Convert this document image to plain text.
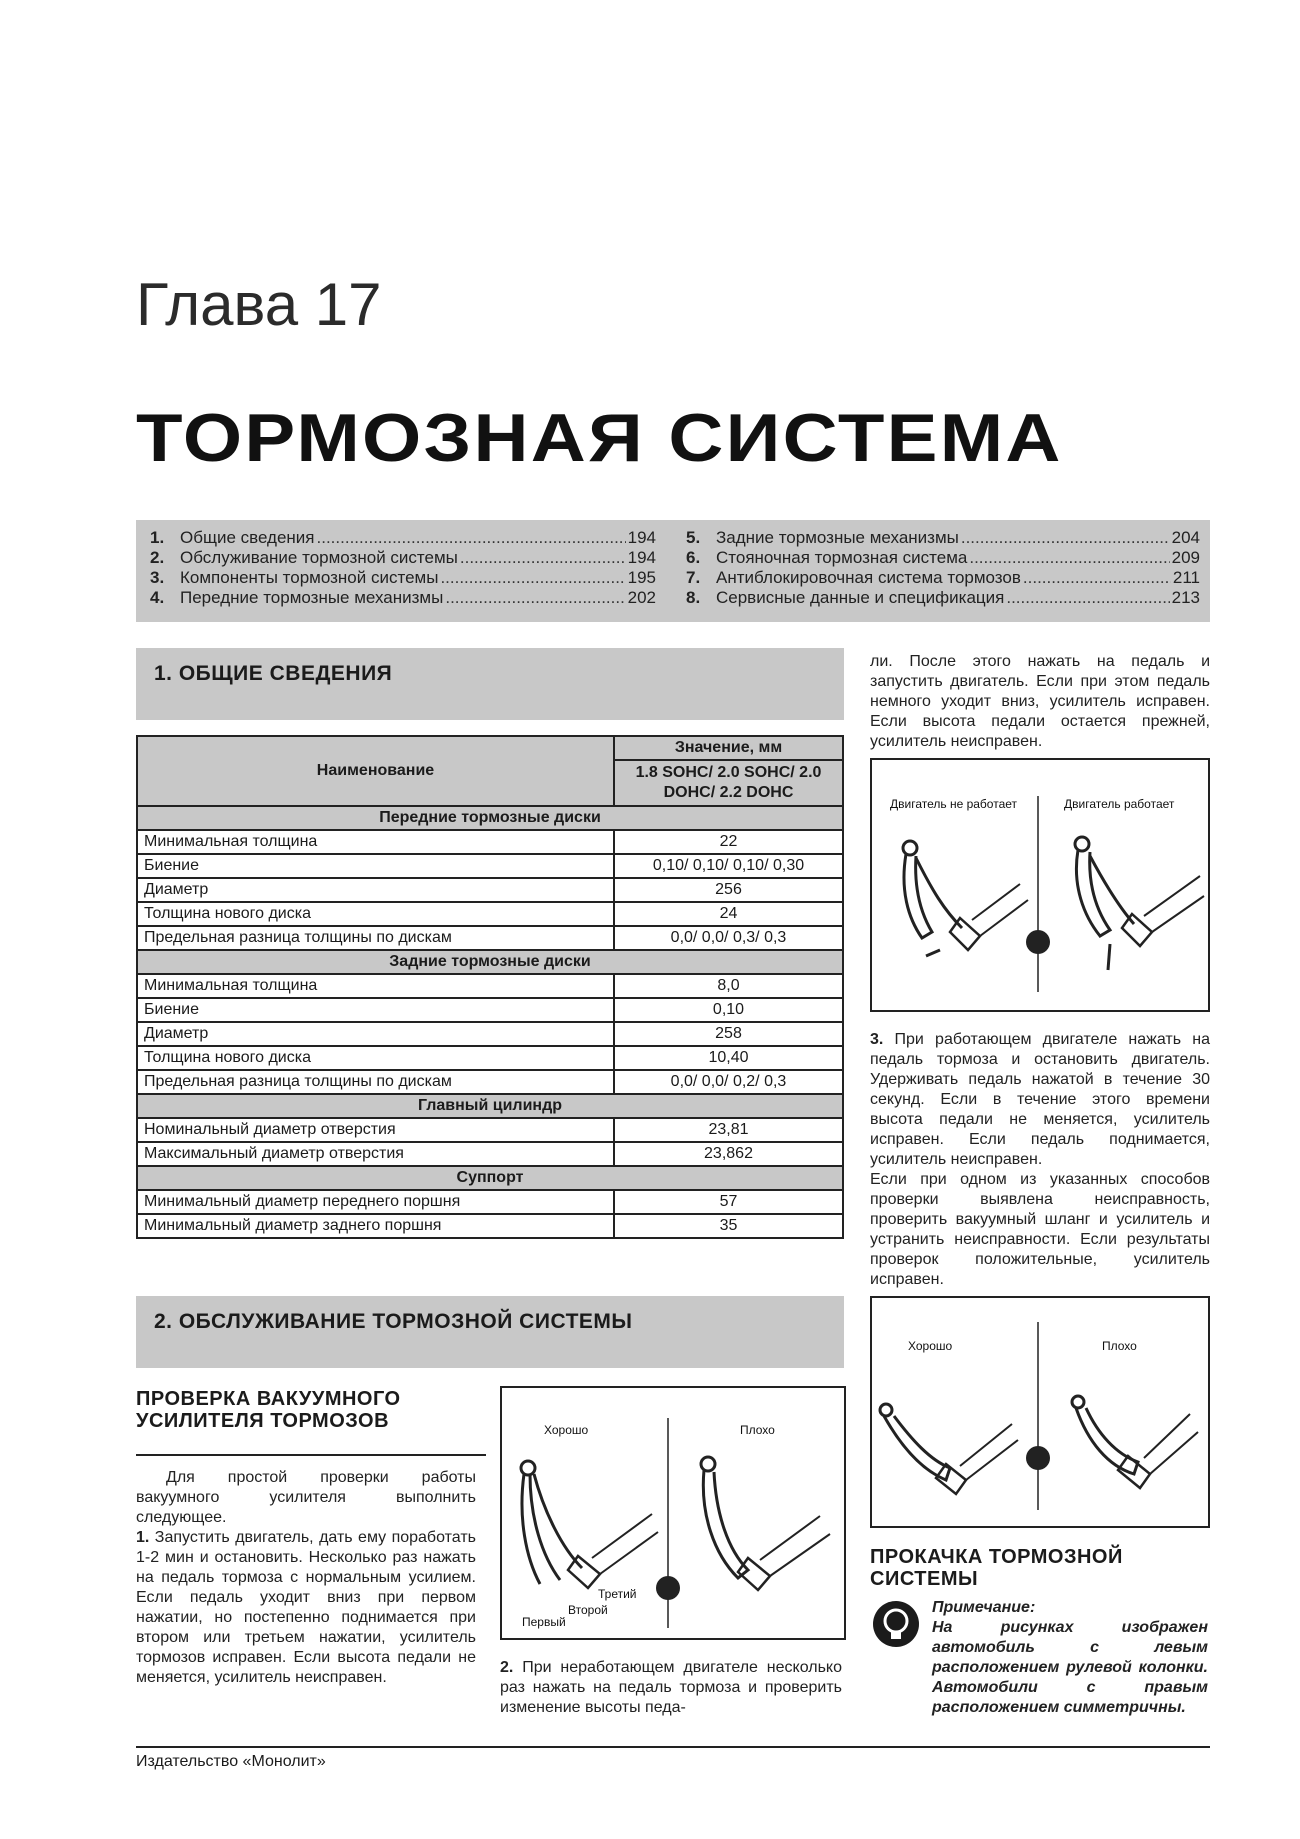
Глава 17
ТОРМОЗНАЯ СИСТЕМА
1. Общие сведения .....	194
2. Обслуживание тормозной системы .....	194
3. Компоненты тормозной системы .....	195
4. Передние тормозные механизмы .....	202
5. Задние тормозные механизмы .....	204
6. Стояночная тормозная система .....	209
7. Антиблокировочная система тормозов .....	211
8. Сервисные данные и спецификация .....	213
1. ОБЩИЕ СВЕДЕНИЯ
Наименование	Значение, мм
	1.8 SOHC/ 2.0 SOHC/ 2.0 DOHC/ 2.2 DOHC
Передние тормозные диски	
Минимальная толщина	22
Биение	0,10/ 0,10/ 0,10/ 0,30
Диаметр	256
Толщина нового диска	24
Предельная разница толщины по дискам	0,0/ 0,0/ 0,3/ 0,3
Задние тормозные диски	
Минимальная толщина	8,0
Биение	0,10
Диаметр	258
Толщина нового диска	10,40
Предельная разница толщины по дискам	0,0/ 0,0/ 0,2/ 0,3
Главный цилиндр	
Номинальный диаметр отверстия	23,81
Максимальный диаметр отверстия	23,862
Суппорт	
Минимальный диаметр переднего поршня	57
Минимальный диаметр заднего поршня	35
ли. После этого нажать на педаль и запустить двигатель. Если при этом педаль немного уходит вниз, усилитель исправен. Если высота педали остается прежней, усилитель неисправен.
Двигатель не работает	Двигатель работает
3. При работающем двигателе нажать на педаль тормоза и остановить двигатель. Удерживать педаль нажатой в течение 30 секунд. Если в течение этого времени высота педали не меняется, усилитель исправен. Если педаль поднимается, усилитель неисправен.
Если при одном из указанных способов проверки выявлена неисправность, проверить вакуумный шланг и усилитель и устранить неисправности. Если результаты проверок положительные, усилитель исправен.
Хорошо	Плохо
ПРОКАЧКА ТОРМОЗНОЙ СИСТЕМЫ
Примечание:
На рисунках изображен автомобиль с левым расположением рулевой колонки. Автомобили с правым расположением симметричны.
2. ОБСЛУЖИВАНИЕ ТОРМОЗНОЙ СИСТЕМЫ
ПРОВЕРКА ВАКУУМНОГО УСИЛИТЕЛЯ ТОРМОЗОВ
Для простой проверки работы вакуумного усилителя выполнить следующее.
1. Запустить двигатель, дать ему поработать 1-2 мин и остановить. Несколько раз нажать на педаль тормоза с нормальным усилием. Если педаль уходит вниз при первом нажатии, но постепенно поднимается при втором или третьем нажатии, усилитель тормозов исправен. Если высота педали не меняется, усилитель неисправен.
Хорошо	Плохо
Первый
Второй
Третий
2. При неработающем двигателе несколько раз нажать на педаль тормоза и проверить изменение высоты педа-
Издательство «Монолит»
